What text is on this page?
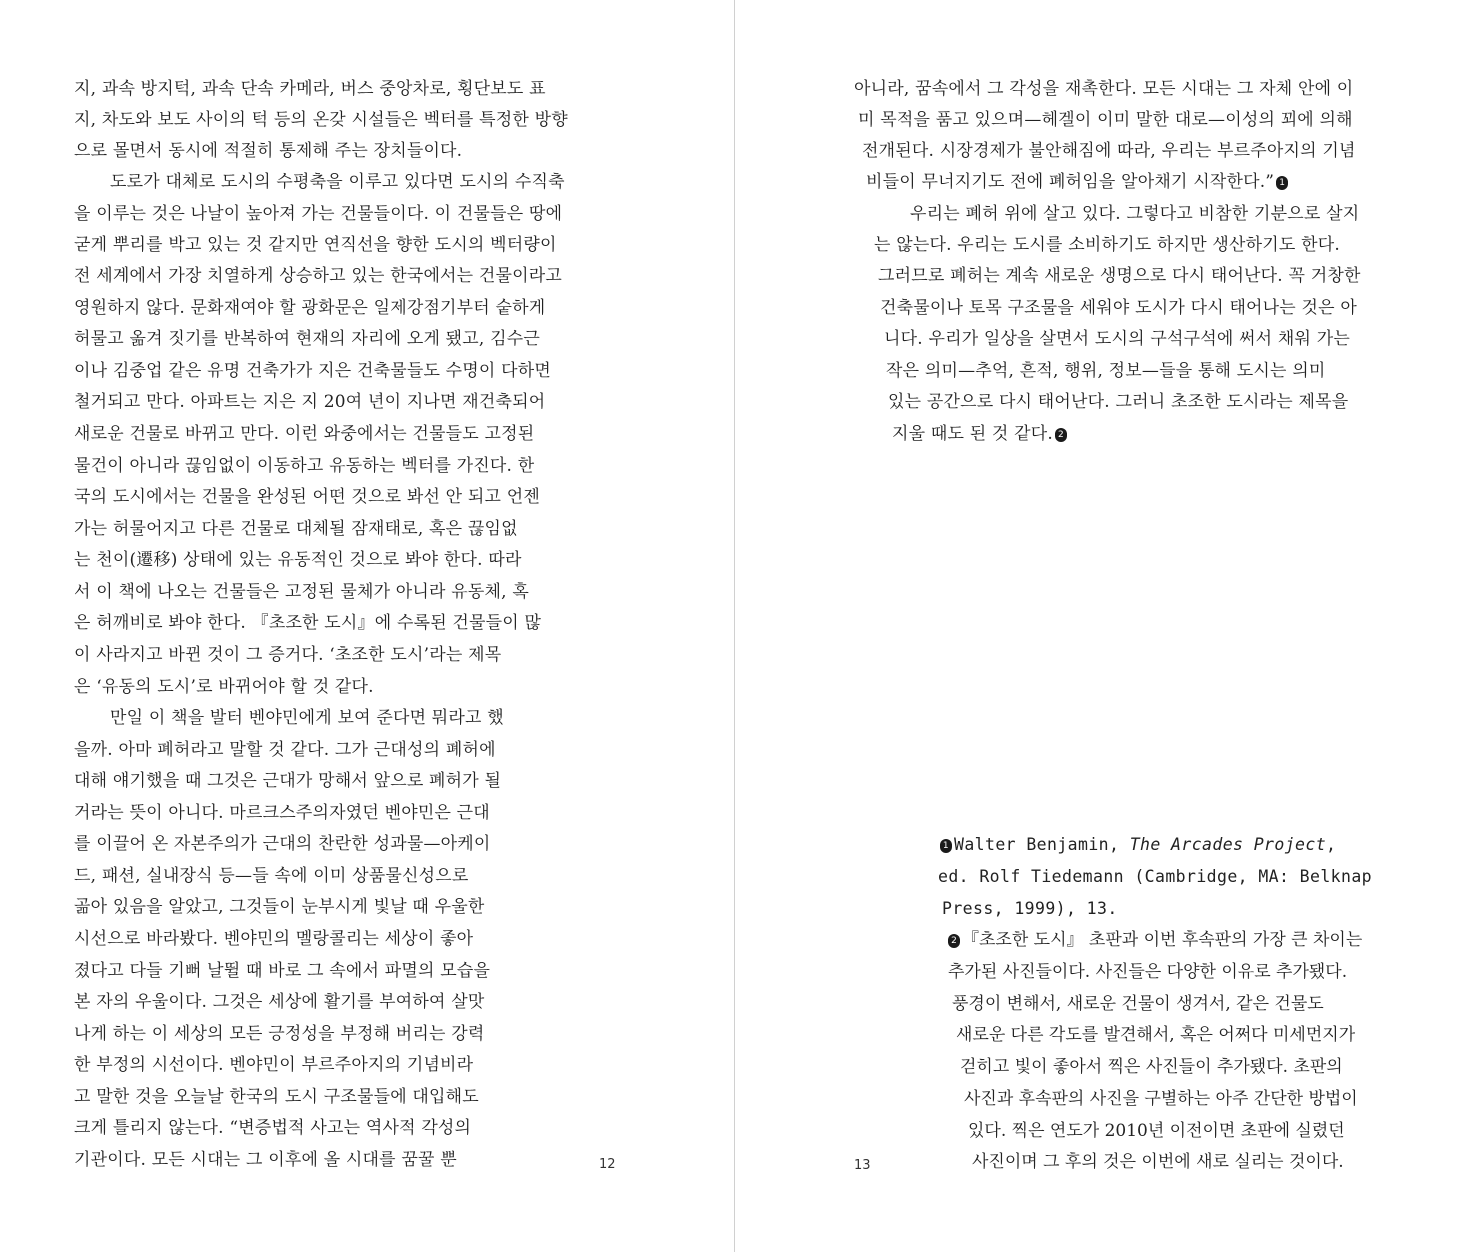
지, 과속 방지턱, 과속 단속 카메라, 버스 중앙차로, 횡단보도 표
지, 차도와 보도 사이의 턱 등의 온갖 시설들은 벡터를 특정한 방향
으로 몰면서 동시에 적절히 통제해 주는 장치들이다.
도로가 대체로 도시의 수평축을 이루고 있다면 도시의 수직축
을 이루는 것은 나날이 높아져 가는 건물들이다. 이 건물들은 땅에
굳게 뿌리를 박고 있는 것 같지만 연직선을 향한 도시의 벡터량이
전 세계에서 가장 치열하게 상승하고 있는 한국에서는 건물이라고
영원하지 않다. 문화재여야 할 광화문은 일제강점기부터 숱하게
허물고 옮겨 짓기를 반복하여 현재의 자리에 오게 됐고, 김수근
이나 김중업 같은 유명 건축가가 지은 건축물들도 수명이 다하면
철거되고 만다. 아파트는 지은 지 20여 년이 지나면 재건축되어
새로운 건물로 바뀌고 만다. 이런 와중에서는 건물들도 고정된
물건이 아니라 끊임없이 이동하고 유동하는 벡터를 가진다. 한
국의 도시에서는 건물을 완성된 어떤 것으로 봐선 안 되고 언젠
가는 허물어지고 다른 건물로 대체될 잠재태로, 혹은 끊임없
는 천이(遷移) 상태에 있는 유동적인 것으로 봐야 한다. 따라
서 이 책에 나오는 건물들은 고정된 물체가 아니라 유동체, 혹
은 허깨비로 봐야 한다. 『초조한 도시』에 수록된 건물들이 많
이 사라지고 바뀐 것이 그 증거다. ‘초조한 도시’라는 제목
은 ‘유동의 도시’로 바뀌어야 할 것 같다.
만일 이 책을 발터 벤야민에게 보여 준다면 뭐라고 했
을까. 아마 폐허라고 말할 것 같다. 그가 근대성의 폐허에
대해 얘기했을 때 그것은 근대가 망해서 앞으로 폐허가 될
거라는 뜻이 아니다. 마르크스주의자였던 벤야민은 근대
를 이끌어 온 자본주의가 근대의 찬란한 성과물—아케이
드, 패션, 실내장식 등—들 속에 이미 상품물신성으로
곪아 있음을 알았고, 그것들이 눈부시게 빛날 때 우울한
시선으로 바라봤다. 벤야민의 멜랑콜리는 세상이 좋아
졌다고 다들 기뻐 날뛸 때 바로 그 속에서 파멸의 모습을
본 자의 우울이다. 그것은 세상에 활기를 부여하여 살맛
나게 하는 이 세상의 모든 긍정성을 부정해 버리는 강력
한 부정의 시선이다. 벤야민이 부르주아지의 기념비라
고 말한 것을 오늘날 한국의 도시 구조물들에 대입해도
크게 틀리지 않는다. “변증법적 사고는 역사적 각성의
기관이다. 모든 시대는 그 이후에 올 시대를 꿈꿀 뿐	12
아니라, 꿈속에서 그 각성을 재촉한다. 모든 시대는 그 자체 안에 이
미 목적을 품고 있으며—헤겔이 이미 말한 대로—이성의 꾀에 의해
전개된다. 시장경제가 불안해짐에 따라, 우리는 부르주아지의 기념
비들이 무너지기도 전에 폐허임을 알아채기 시작한다.” 1
우리는 폐허 위에 살고 있다. 그렇다고 비참한 기분으로 살지
는 않는다. 우리는 도시를 소비하기도 하지만 생산하기도 한다.
그러므로 폐허는 계속 새로운 생명으로 다시 태어난다. 꼭 거창한
건축물이나 토목 구조물을 세워야 도시가 다시 태어나는 것은 아
니다. 우리가 일상을 살면서 도시의 구석구석에 써서 채워 가는
작은 의미—추억, 흔적, 행위, 정보—들을 통해 도시는 의미
있는 공간으로 다시 태어난다. 그러니 초조한 도시라는 제목을
지울 때도 된 것 같다. 2
1 Walter Benjamin, The Arcades Project,
ed. Rolf Tiedemann (Cambridge, MA: Belknap
Press, 1999), 13.
2 『초조한 도시』 초판과 이번 후속판의 가장 큰 차이는
추가된 사진들이다. 사진들은 다양한 이유로 추가됐다.
풍경이 변해서, 새로운 건물이 생겨서, 같은 건물도
새로운 다른 각도를 발견해서, 혹은 어쩌다 미세먼지가
걷히고 빛이 좋아서 찍은 사진들이 추가됐다. 초판의
사진과 후속판의 사진을 구별하는 아주 간단한 방법이
있다. 찍은 연도가 2010년 이전이면 초판에 실렸던
사진이며 그 후의 것은 이번에 새로 실리는 것이다.
13
